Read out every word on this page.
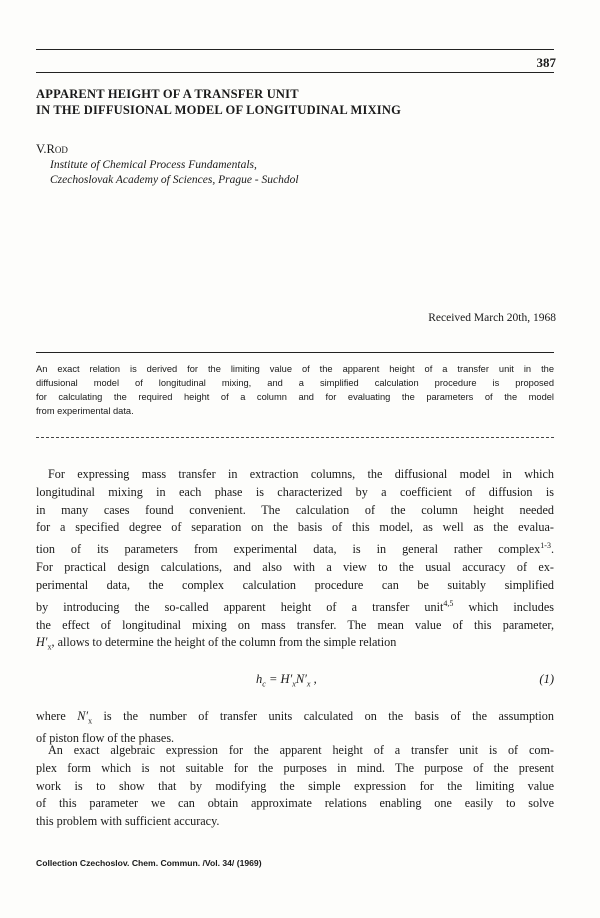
387
APPARENT HEIGHT OF A TRANSFER UNIT
IN THE DIFFUSIONAL MODEL OF LONGITUDINAL MIXING
V.Rod
Institute of Chemical Process Fundamentals,
Czechoslovak Academy of Sciences, Prague - Suchdol
Received March 20th, 1968
An exact relation is derived for the limiting value of the apparent height of a transfer unit in the
diffusional model of longitudinal mixing, and a simplified calculation procedure is proposed
for calculating the required height of a column and for evaluating the parameters of the model
from experimental data.
For expressing mass transfer in extraction columns, the diffusional model in which
longitudinal mixing in each phase is characterized by a coefficient of diffusion is
in many cases found convenient. The calculation of the column height needed
for a specified degree of separation on the basis of this model, as well as the evalua-
tion of its parameters from experimental data, is in general rather complex$^{1-3}$.
For practical design calculations, and also with a view to the usual accuracy of ex-
perimental data, the complex calculation procedure can be suitably simplified
by introducing the so-called apparent height of a transfer unit$^{4,5}$ which includes
the effect of longitudinal mixing on mass transfer. The mean value of this parameter,
$H'_x$, allows to determine the height of the column from the simple relation
$h_c = H'_xN'_x$ ,	(1)
where $N'_x$ is the number of transfer units calculated on the basis of the assumption
of piston flow of the phases.
An exact algebraic expression for the apparent height of a transfer unit is of com-
plex form which is not suitable for the purposes in mind. The purpose of the present
work is to show that by modifying the simple expression for the limiting value
of this parameter we can obtain approximate relations enabling one easily to solve
this problem with sufficient accuracy.
Collection Czechoslov. Chem. Commun. /Vol. 34/ (1969)
